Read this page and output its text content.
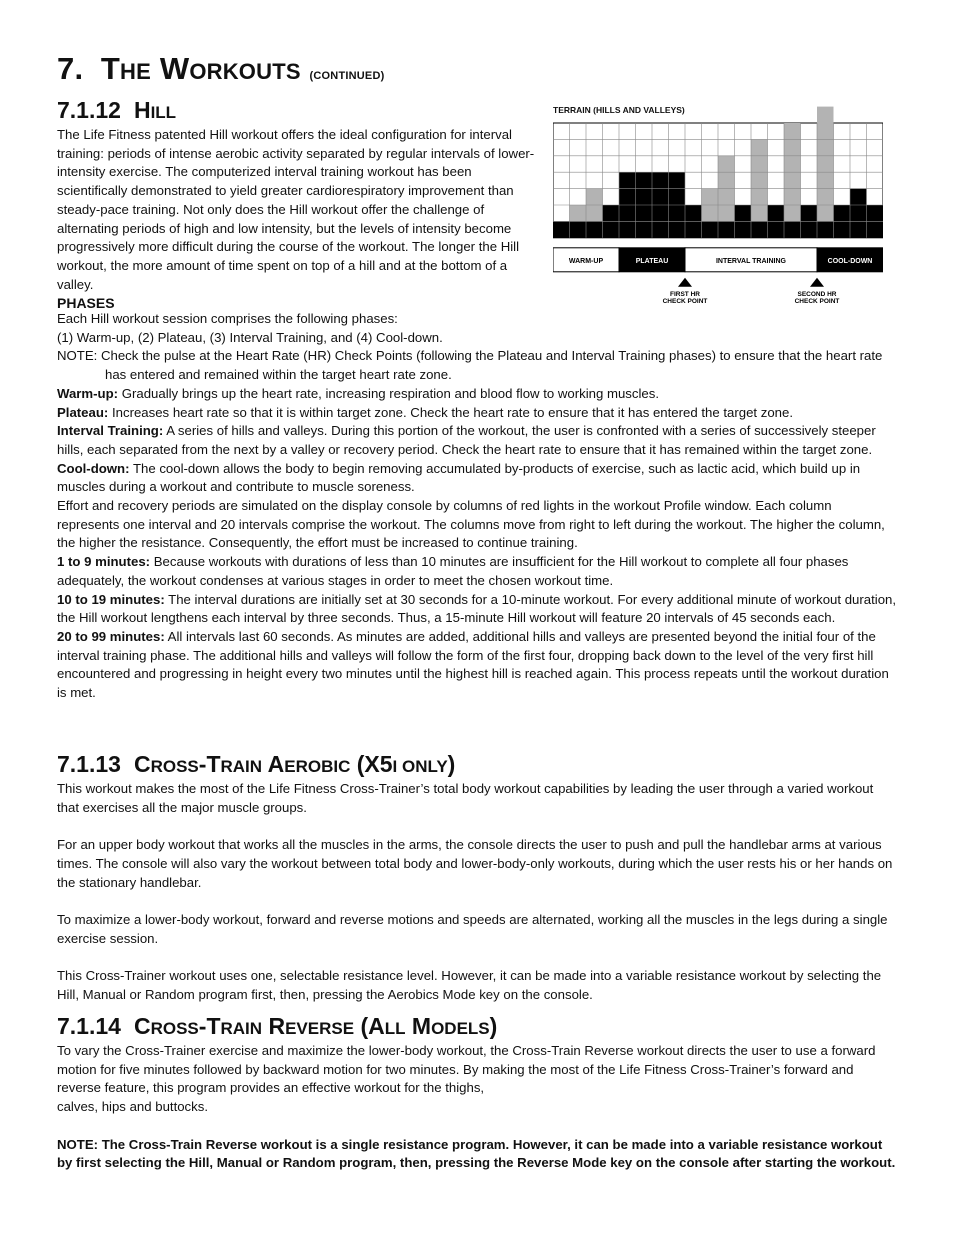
7. THE WORKOUTS (CONTINUED)
7.1.12 HILL

The Life Fitness patented Hill workout offers the ideal configuration for interval training: periods of intense aerobic activity separated by regular intervals of lower-intensity exercise. The computerized interval training workout has been scientifically demonstrated to yield greater cardiorespiratory improvement than steady-pace training. Not only does the Hill workout offer the challenge of alternating periods of high and low intensity, but the levels of intensity become progressively more difficult during the course of the workout. The longer the Hill workout, the more amount of time spent on top of a hill and at the bottom of a valley.

PHASES

Each Hill workout session comprises the following phases:

(1) Warm-up, (2) Plateau, (3) Interval Training, and (4) Cool-down.

NOTE: Check the pulse at the Heart Rate (HR) Check Points (following the Plateau and Interval Training phases) to ensure that the heart rate has entered and remained within the target heart rate zone.

Warm-up: Gradually brings up the heart rate, increasing respiration and blood flow to working muscles.

Plateau: Increases heart rate so that it is within target zone. Check the heart rate to ensure that it has entered the target zone.

Interval Training: A series of hills and valleys. During this portion of the workout, the user is confronted with a series of successively steeper hills, each separated from the next by a valley or recovery period. Check the heart rate to ensure that it has remained within the target zone.

Cool-down: The cool-down allows the body to begin removing accumulated by-products of exercise, such as lactic acid, which build up in muscles during a workout and contribute to muscle soreness.

Effort and recovery periods are simulated on the display console by columns of red lights in the workout Profile window. Each column represents one interval and 20 intervals comprise the workout. The columns move from right to left during the workout. The higher the column, the higher the resistance. Consequently, the effort must be increased to continue training.

1 to 9 minutes: Because workouts with durations of less than 10 minutes are insufficient for the Hill workout to complete all four phases adequately, the workout condenses at various stages in order to meet the chosen workout time.

10 to 19 minutes: The interval durations are initially set at 30 seconds for a 10-minute workout. For every additional minute of workout duration, the Hill workout lengthens each interval by three seconds. Thus, a 15-minute Hill workout will feature 20 intervals of 45 seconds each.

20 to 99 minutes: All intervals last 60 seconds. As minutes are added, additional hills and valleys are presented beyond the initial four of the interval training phase. The additional hills and valleys will follow the form of the first four, dropping back down to the level of the very first hill encountered and progressing in height every two minutes until the highest hill is reached again. This process repeats until the workout duration is met.

7.1.13 CROSS-TRAIN AEROBIC (X5I ONLY)

This workout makes the most of the Life Fitness Cross-Trainer’s total body workout capabilities by leading the user through a varied workout that exercises all the major muscle groups.

For an upper body workout that works all the muscles in the arms, the console directs the user to push and pull the handlebar arms at various times. The console will also vary the workout between total body and lower-body-only workouts, during which the user rests his or her hands on the stationary handlebar.

To maximize a lower-body workout, forward and reverse motions and speeds are alternated, working all the muscles in the legs during a single exercise session.

This Cross-Trainer workout uses one, selectable resistance level. However, it can be made into a variable resistance workout by selecting the Hill, Manual or Random program first, then, pressing the Aerobics Mode key on the console.

7.1.14 CROSS-TRAIN REVERSE (ALL MODELS)

To vary the Cross-Trainer exercise and maximize the lower-body workout, the Cross-Train Reverse workout directs the user to use a forward motion for five minutes followed by backward motion for two minutes. By making the most of the Life Fitness Cross-Trainer’s forward and reverse feature, this program provides an effective workout for the thighs,

calves, hips and buttocks.

NOTE: The Cross-Train Reverse workout is a single resistance program. However, it can be made into a variable resistance workout by first selecting the Hill, Manual or Random program, then, pressing the Reverse Mode key on the console after starting the workout.

TERRAIN (HILLS AND VALLEYS)
WARM-UP	PLATEAU	INTERVAL TRAINING	COOL-DOWN
FIRST HR
CHECK POINT
SECOND HR
CHECK POINT
